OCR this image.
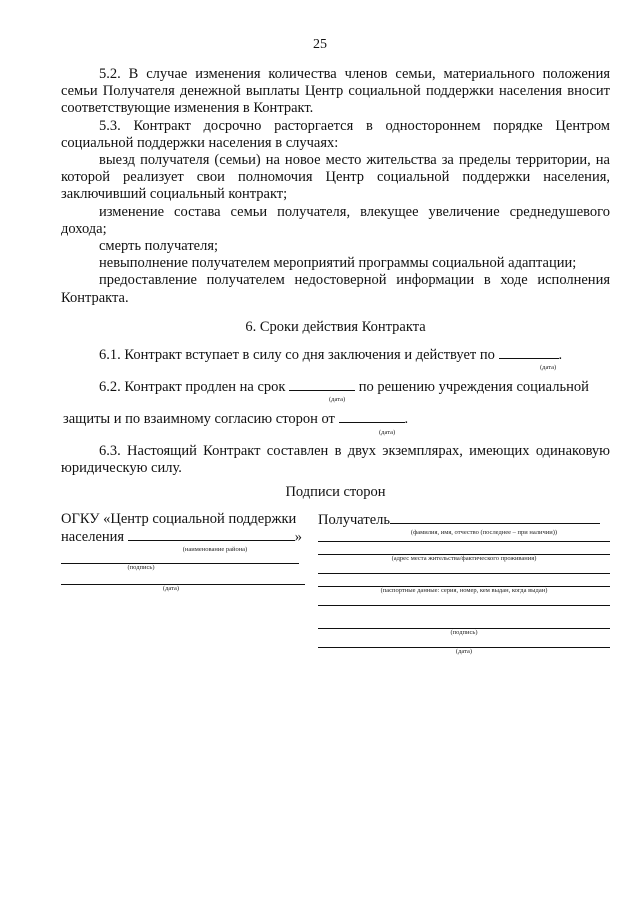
25

5.2. В случае изменения количества членов семьи, материального положения семьи Получателя денежной выплаты Центр социальной поддержки населения вносит соответствующие изменения в Контракт.

5.3. Контракт досрочно расторгается в одностороннем порядке Центром социальной поддержки населения в случаях:

выезд получателя (семьи) на новое место жительства за пределы территории, на которой реализует свои полномочия Центр социальной поддержки населения, заключивший социальный контракт;

изменение состава семьи получателя, влекущее увеличение среднедушевого дохода;

смерть получателя;

невыполнение получателем мероприятий программы социальной адаптации;

предоставление получателем недостоверной информации в ходе исполнения Контракта.

6. Сроки действия Контракта

6.1. Контракт вступает в силу со дня заключения и действует по	.

(дата)

6.2. Контракт продлен на срок	по решению учреждения социальной

(дата)

защиты и по взаимному согласию сторон от	.

(дата)

6.3. Настоящий Контракт составлен в двух экземплярах, имеющих одинаковую юридическую силу.

Подписи сторон
ОГКУ «Центр социальной поддержки
населения	»
(наименование района)
(подпись)
(дата)
Получатель
(фамилия, имя, отчество (последнее – при наличии))
(адрес места жительства/фактического проживания)
(паспортные данные: серия, номер, кем выдан, когда выдан)
(подпись)
(дата)
